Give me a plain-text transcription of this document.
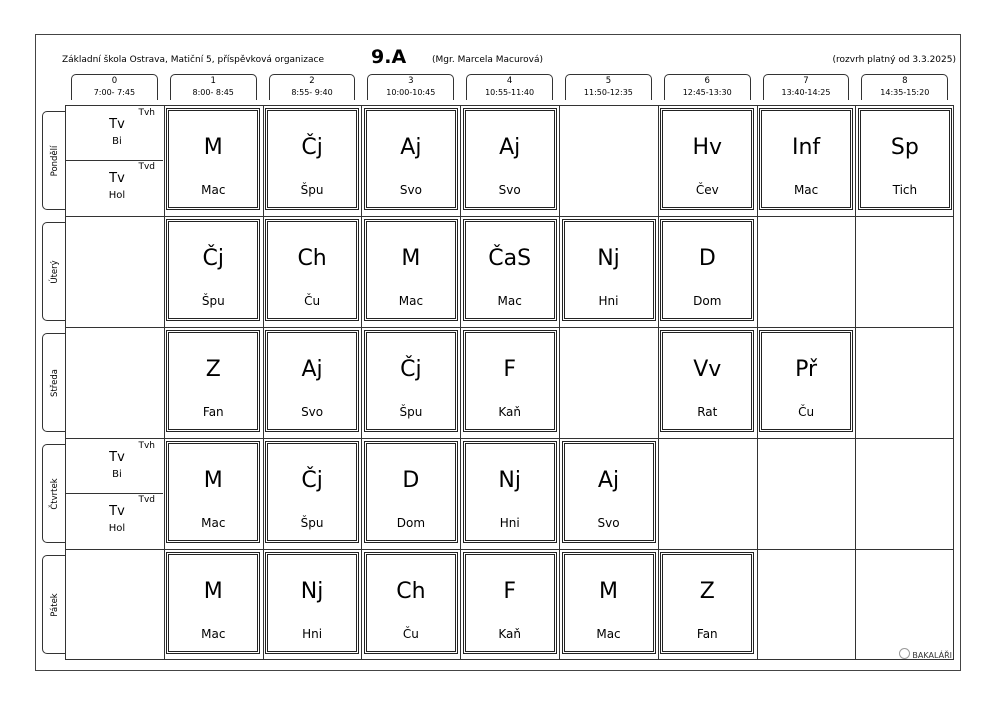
Základní škola Ostrava, Matiční 5, příspěvková organizace 9.A	(Mgr. Marcela Macurová)	(rozvrh platný od 3.3.2025)
0
7:00- 7:45
1
8:00- 8:45
2
8:55- 9:40
3
10:00-10:45
4
10:55-11:40
5
11:50-12:35
6
12:45-13:30
7
13:40-14:25
8
14:35-15:20
Pondělí
Úterý
Středa
Čtvrtek
Pátek
M
Mac
Čj
Špu
Aj
Svo
Aj
Svo
Hv
Čev
Inf
Mac
Sp
Tich
Čj
Špu
Ch
Ču
M
Mac
ČaS
Mac
Nj
Hni
D
Dom
Z
Fan
Aj
Svo
Čj
Špu
F
Kaň
Vv
Rat
Př
Ču
M
Mac
Čj
Špu
D
Dom
Nj
Hni
Aj
Svo
M
Mac
Nj
Hni
Ch
Ču
F
Kaň
M
Mac
Z
Fan
Tvh
Tv
Bi
Tvd
Tv
Hol
Tvh
Tv
Bi
Tvd
Tv
Hol
BAKALÁŘI
